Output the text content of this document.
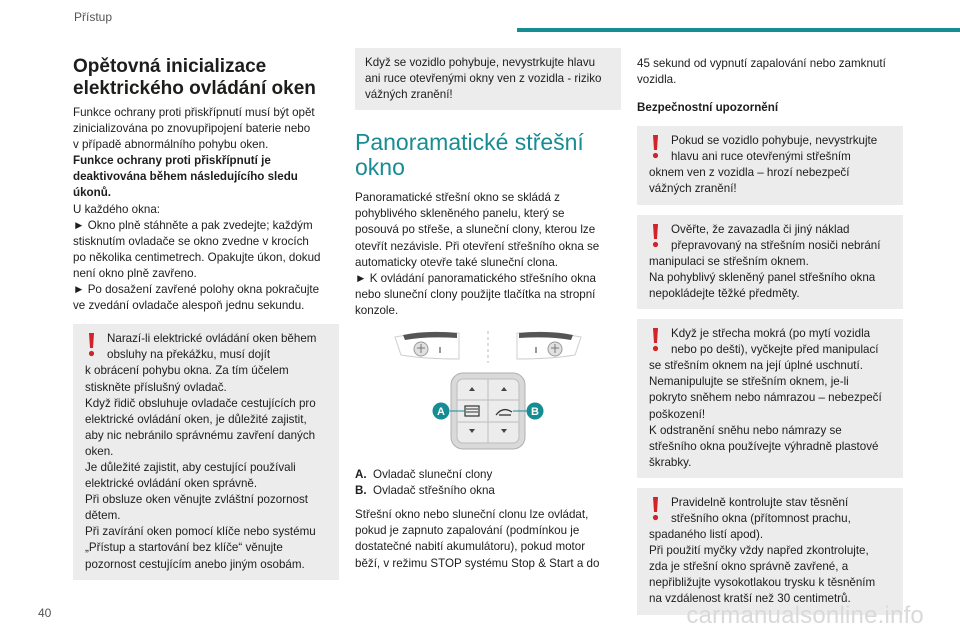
Přístup
Opětovná inicializace
elektrického ovládání oken
Funkce ochrany proti přiskřípnutí musí být opět
zinicializována po znovupřipojení baterie nebo
v případě abnormálního pohybu oken.
Funkce ochrany proti přiskřípnutí je
deaktivována během následujícího sledu
úkonů.
U každého okna:
► Okno plně stáhněte a pak zvedejte; každým
stisknutím ovladače se okno zvedne v krocích
po několika centimetrech. Opakujte úkon, dokud
není okno plně zavřeno.
► Po dosažení zavřené polohy okna pokračujte
ve zvedání ovladače alespoň jednu sekundu.
Narazí-li elektrické ovládání oken během
obsluhy na překážku, musí dojít
k obrácení pohybu okna. Za tím účelem
stiskněte příslušný ovladač.
Když řidič obsluhuje ovladače cestujících pro
elektrické ovládání oken, je důležité zajistit,
aby nic nebránilo správnému zavření daných
oken.
Je důležité zajistit, aby cestující používali
elektrické ovládání oken správně.
Při obsluze oken věnujte zvláštní pozornost
dětem.
Při zavírání oken pomocí klíče nebo systému
„Přístup a startování bez klíče“ věnujte
pozornost cestujícím anebo jiným osobám.
Když se vozidlo pohybuje, nevystrkujte hlavu
ani ruce otevřenými okny ven z vozidla - riziko
vážných zranění!
Panoramatické střešní
okno
Panoramatické střešní okno se skládá z
pohyblivého skleněného panelu, který se
posouvá po střeše, a sluneční clony, kterou lze
otevřít nezávisle. Při otevření střešního okna se
automaticky otevře také sluneční clona.
► K ovládání panoramatického střešního okna
nebo sluneční clony použijte tlačítka na stropní
konzole.
A	B
A. Ovladač sluneční clony
B. Ovladač střešního okna
Střešní okno nebo sluneční clonu lze ovládat,
pokud je zapnuto zapalování (podmínkou je
dostatečné nabití akumulátoru), pokud motor
běží, v režimu STOP systému Stop & Start a do
45 sekund od vypnutí zapalování nebo zamknutí
vozidla.
Bezpečnostní upozornění
Pokud se vozidlo pohybuje, nevystrkujte
hlavu ani ruce otevřenými střešním
oknem ven z vozidla – hrozí nebezpečí
vážných zranění!
Ověřte, že zavazadla či jiný náklad
přepravovaný na střešním nosiči nebrání
manipulaci se střešním oknem.
Na pohyblivý skleněný panel střešního okna
nepokládejte těžké předměty.
Když je střecha mokrá (po mytí vozidla
nebo po dešti), vyčkejte před manipulací
se střešním oknem na její úplné uschnutí.
Nemanipulujte se střešním oknem, je-li
pokryto sněhem nebo námrazou – nebezpečí
poškození!
K odstranění sněhu nebo námrazy se
střešního okna používejte výhradně plastové
škrabky.
Pravidelně kontrolujte stav těsnění
střešního okna (přítomnost prachu,
spadaného listí apod).
Při použití myčky vždy napřed zkontrolujte,
zda je střešní okno správně zavřené, a
nepřibližujte vysokotlakou trysku k těsněním
na vzdálenost kratší než 30 centimetrů.
40	carmanualsonline.info
